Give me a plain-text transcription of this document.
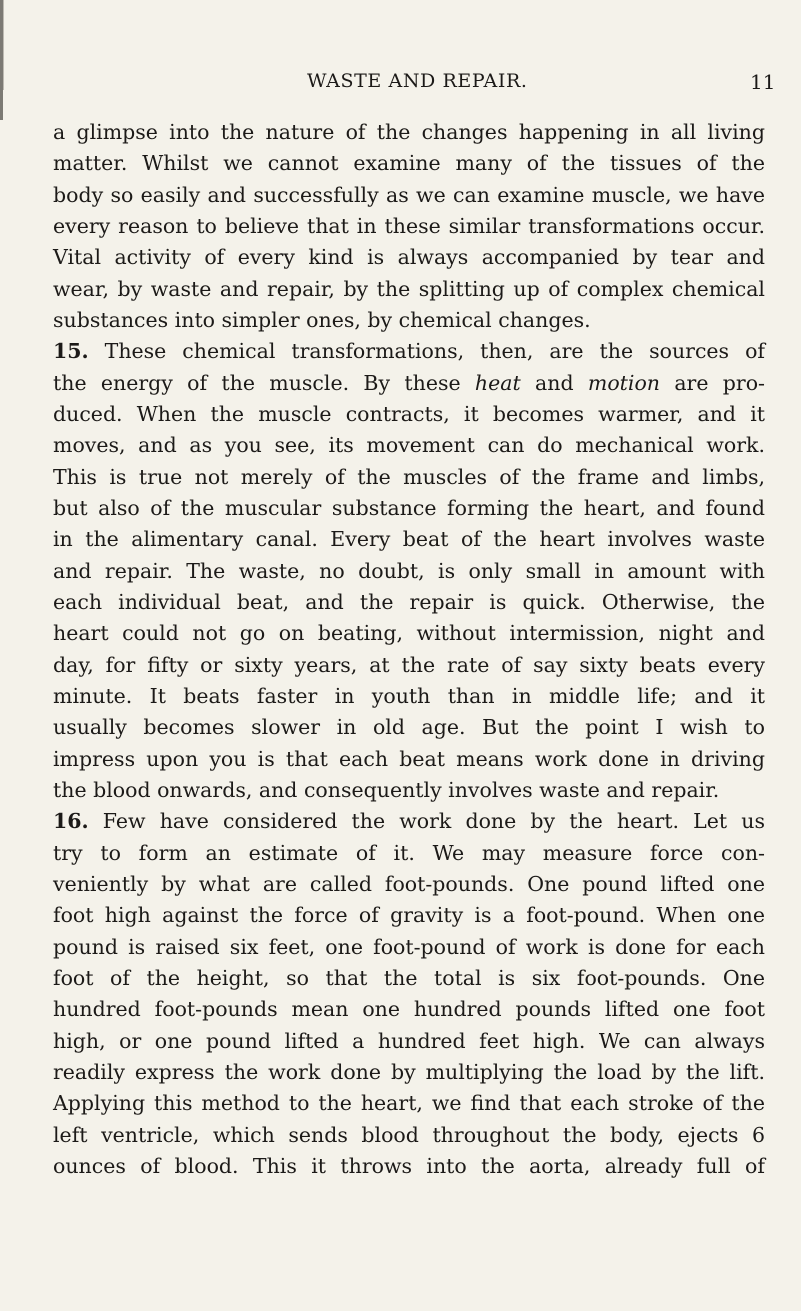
WASTE AND REPAIR.	11
a glimpse into the nature of the changes happening in all living
matter. Whilst we cannot examine many of the tissues of the
body so easily and successfully as we can examine muscle, we have
every reason to believe that in these similar transformations occur.
Vital activity of every kind is always accompanied by tear and
wear, by waste and repair, by the splitting up of complex chemical
substances into simpler ones, by chemical changes.
15. These chemical transformations, then, are the sources of
the energy of the muscle. By these heat and motion are pro-
duced. When the muscle contracts, it becomes warmer, and it
moves, and as you see, its movement can do mechanical work.
This is true not merely of the muscles of the frame and limbs,
but also of the muscular substance forming the heart, and found
in the alimentary canal. Every beat of the heart involves waste
and repair. The waste, no doubt, is only small in amount with
each individual beat, and the repair is quick. Otherwise, the
heart could not go on beating, without intermission, night and
day, for fifty or sixty years, at the rate of say sixty beats every
minute. It beats faster in youth than in middle life; and it
usually becomes slower in old age. But the point I wish to
impress upon you is that each beat means work done in driving
the blood onwards, and consequently involves waste and repair.
16. Few have considered the work done by the heart. Let us
try to form an estimate of it. We may measure force con-
veniently by what are called foot-pounds. One pound lifted one
foot high against the force of gravity is a foot-pound. When one
pound is raised six feet, one foot-pound of work is done for each
foot of the height, so that the total is six foot-pounds. One
hundred foot-pounds mean one hundred pounds lifted one foot
high, or one pound lifted a hundred feet high. We can always
readily express the work done by multiplying the load by the lift.
Applying this method to the heart, we find that each stroke of the
left ventricle, which sends blood throughout the body, ejects 6
ounces of blood. This it throws into the aorta, already full of
